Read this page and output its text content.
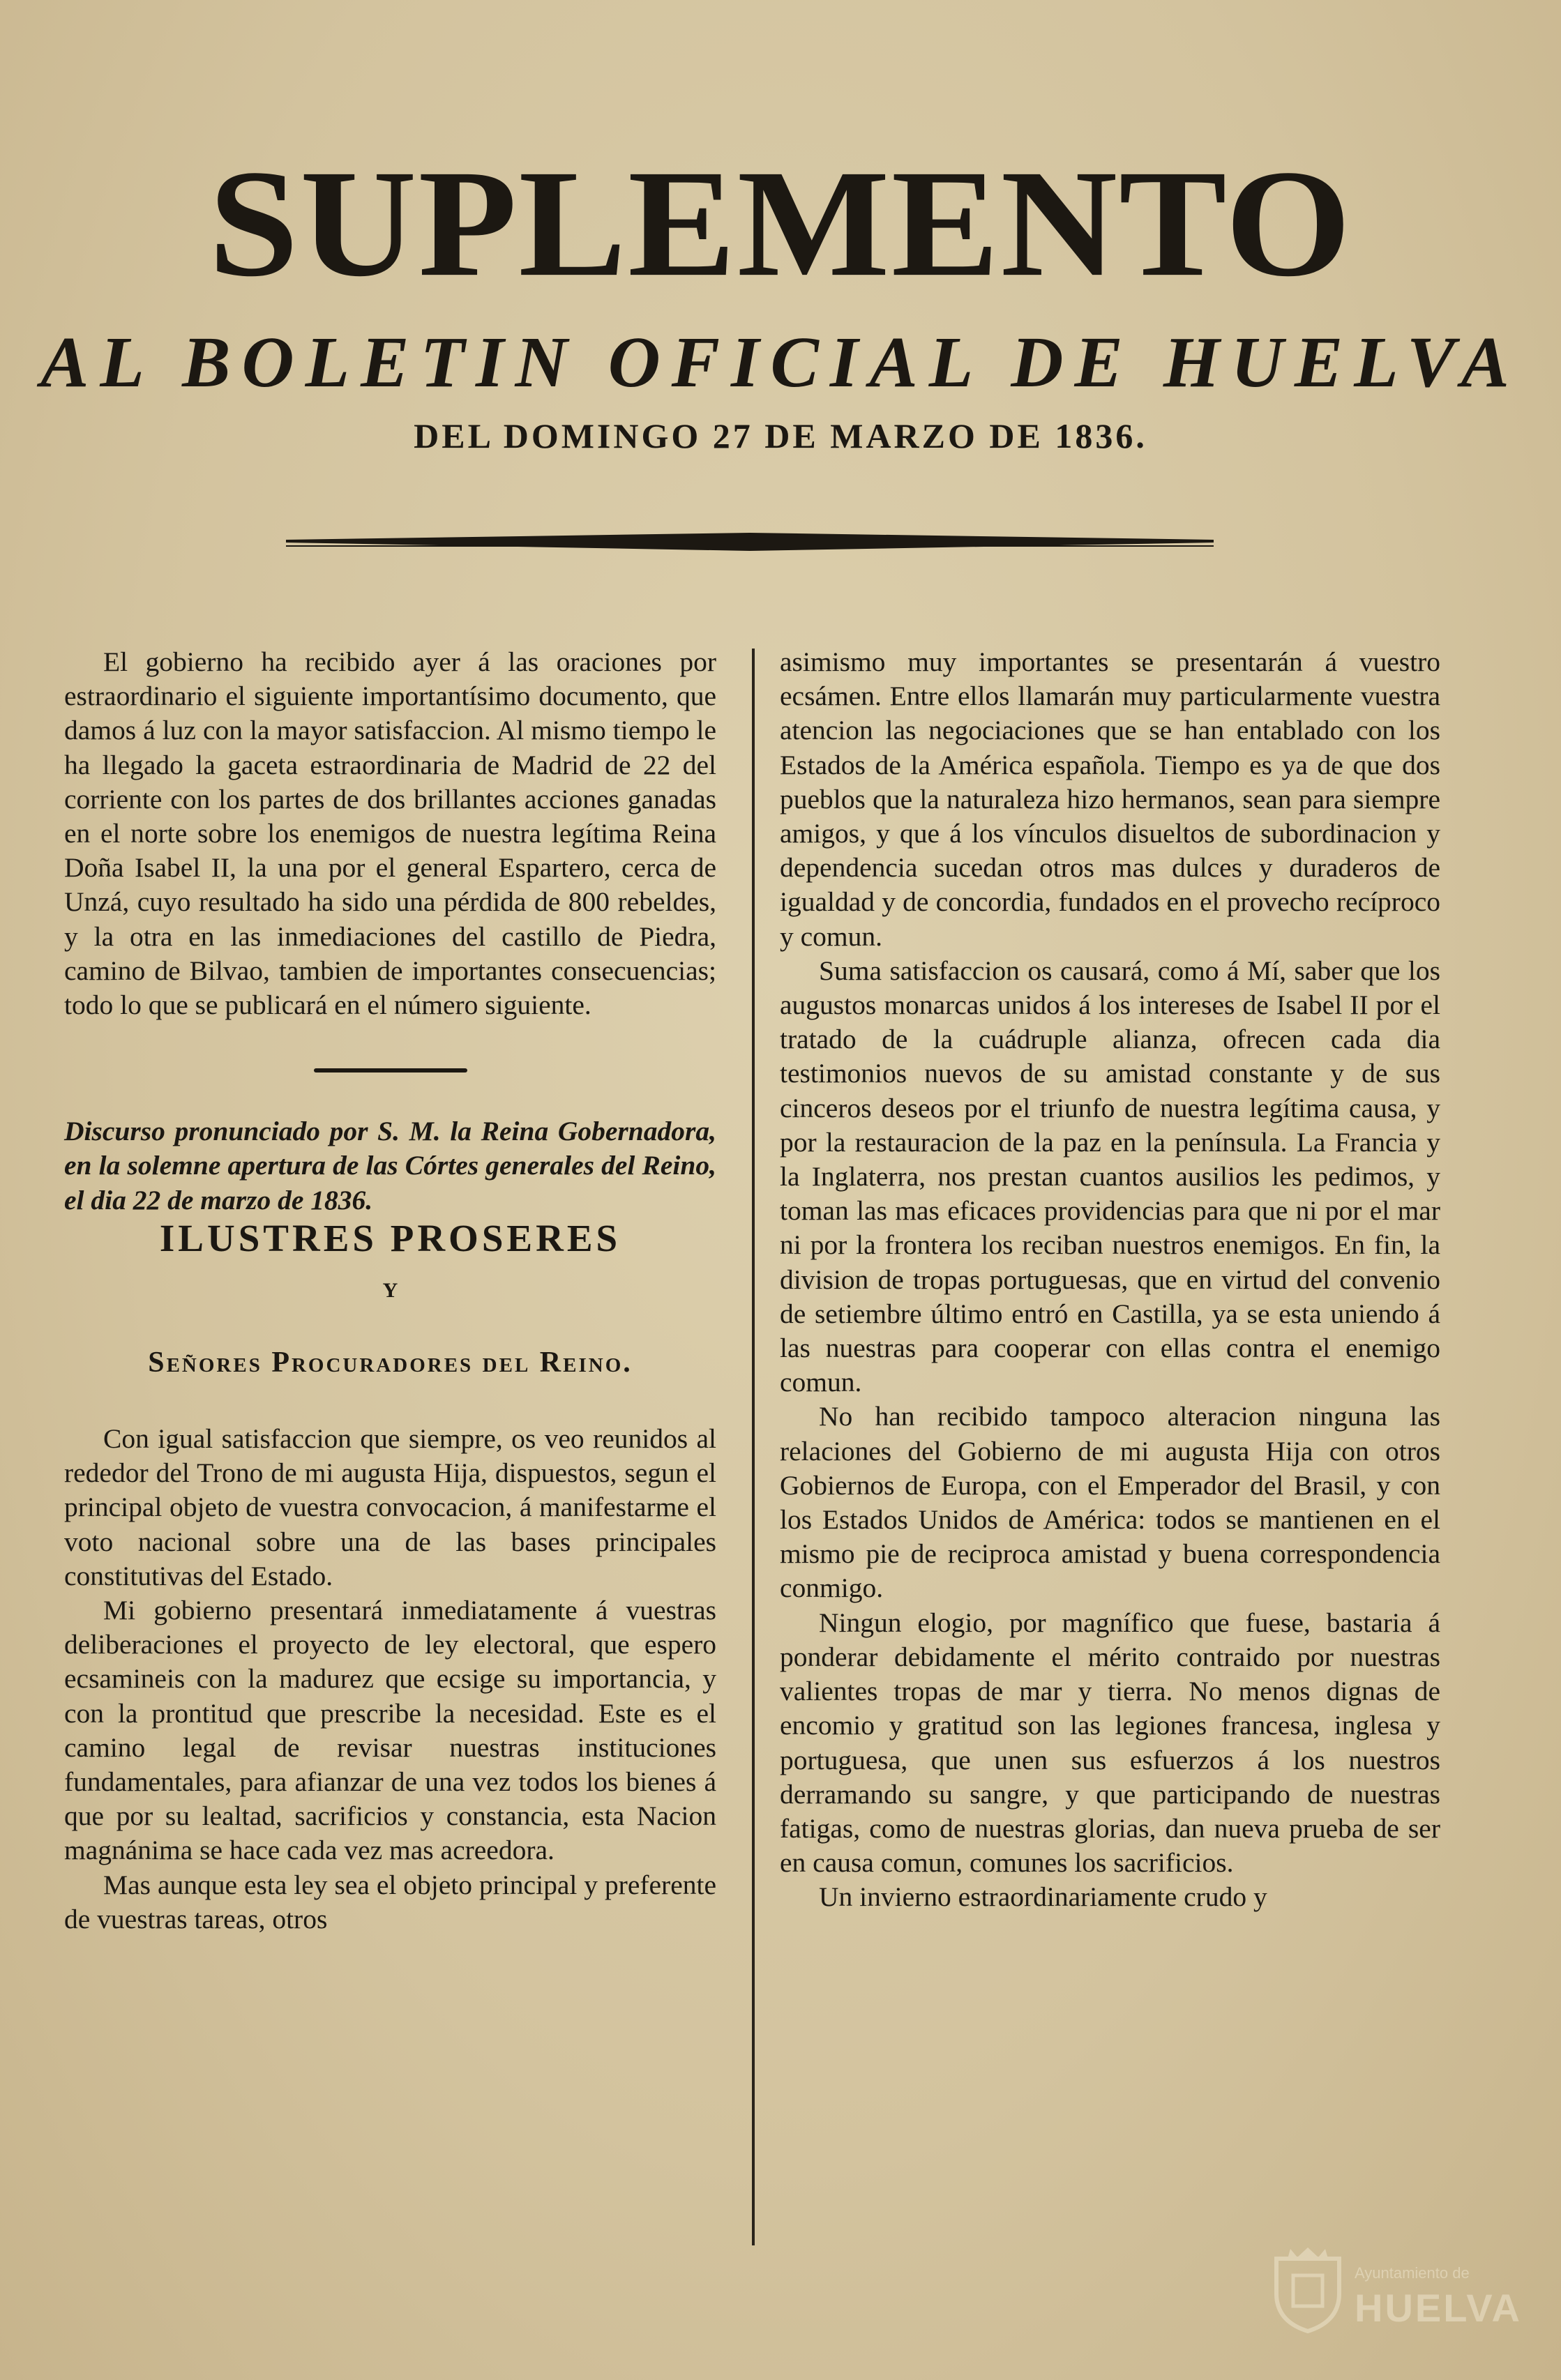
SUPLEMENTO
AL BOLETIN OFICIAL DE HUELVA
DEL DOMINGO 27 DE MARZO DE 1836.

El gobierno ha recibido ayer á las oraciones por estraordinario el siguiente importantísimo documento, que damos á luz con la mayor satisfaccion. Al mismo tiempo le ha llegado la gaceta estraordinaria de Madrid de 22 del corriente con los partes de dos brillantes acciones ganadas en el norte sobre los enemigos de nuestra legítima Reina Doña Isabel II, la una por el general Espartero, cerca de Unzá, cuyo resultado ha sido una pérdida de 800 rebeldes, y la otra en las inmediaciones del castillo de Piedra, camino de Bilvao, tambien de importantes consecuencias; todo lo que se publicará en el número siguiente.

Discurso pronunciado por S. M. la Reina Gobernadora, en la solemne apertura de las Córtes generales del Reino, el dia 22 de marzo de 1836.

ILUSTRES PROSERES
Y
Señores Procuradores del Reino.

Con igual satisfaccion que siempre, os veo reunidos al rededor del Trono de mi augusta Hija, dispuestos, segun el principal objeto de vuestra convocacion, á manifestarme el voto nacional sobre una de las bases principales constitutivas del Estado.

Mi gobierno presentará inmediatamente á vuestras deliberaciones el proyecto de ley electoral, que espero ecsamineis con la madurez que ecsige su importancia, y con la prontitud que prescribe la necesidad. Este es el camino legal de revisar nuestras instituciones fundamentales, para afianzar de una vez todos los bienes á que por su lealtad, sacrificios y constancia, esta Nacion magnánima se hace cada vez mas acreedora.

Mas aunque esta ley sea el objeto principal y preferente de vuestras tareas, otros

asimismo muy importantes se presentarán á vuestro ecsámen. Entre ellos llamarán muy particularmente vuestra atencion las negociaciones que se han entablado con los Estados de la América española. Tiempo es ya de que dos pueblos que la naturaleza hizo hermanos, sean para siempre amigos, y que á los vínculos disueltos de subordinacion y dependencia sucedan otros mas dulces y duraderos de igualdad y de concordia, fundados en el provecho recíproco y comun.

Suma satisfaccion os causará, como á Mí, saber que los augustos monarcas unidos á los intereses de Isabel II por el tratado de la cuádruple alianza, ofrecen cada dia testimonios nuevos de su amistad constante y de sus cinceros deseos por el triunfo de nuestra legítima causa, y por la restauracion de la paz en la península. La Francia y la Inglaterra, nos prestan cuantos ausilios les pedimos, y toman las mas eficaces providencias para que ni por el mar ni por la frontera los reciban nuestros enemigos. En fin, la division de tropas portuguesas, que en virtud del convenio de setiembre último entró en Castilla, ya se esta uniendo á las nuestras para cooperar con ellas contra el enemigo comun.

No han recibido tampoco alteracion ninguna las relaciones del Gobierno de mi augusta Hija con otros Gobiernos de Europa, con el Emperador del Brasil, y con los Estados Unidos de América: todos se mantienen en el mismo pie de reciproca amistad y buena correspondencia conmigo.

Ningun elogio, por magnífico que fuese, bastaria á ponderar debidamente el mérito contraido por nuestras valientes tropas de mar y tierra. No menos dignas de encomio y gratitud son las legiones francesa, inglesa y portuguesa, que unen sus esfuerzos á los nuestros derramando su sangre, y que participando de nuestras fatigas, como de nuestras glorias, dan nueva prueba de ser en causa comun, comunes los sacrificios.

Un invierno estraordinariamente crudo y

Ayuntamiento de
HUELVA
